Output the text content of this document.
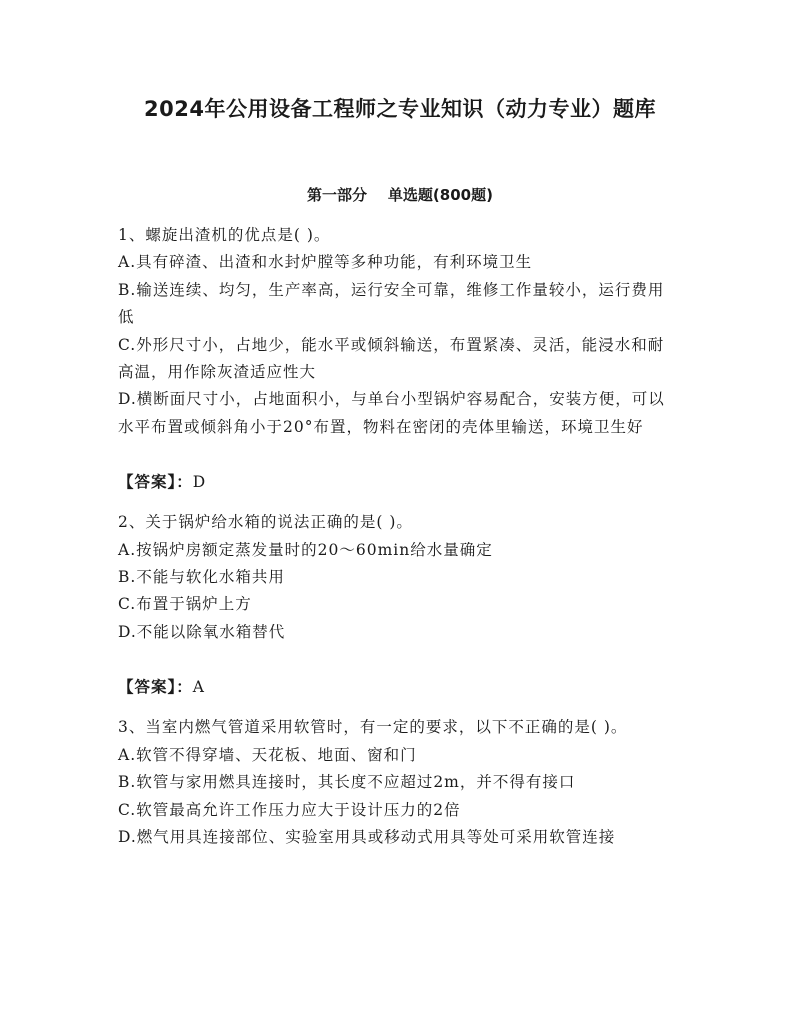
2024年公用设备工程师之专业知识（动力专业）题库
第一部分    单选题(800题)
1、螺旋出渣机的优点是( )。
A.具有碎渣、出渣和水封炉膛等多种功能，有利环境卫生
B.输送连续、均匀，生产率高，运行安全可靠，维修工作量较小，运行费用低
C.外形尺寸小，占地少，能水平或倾斜输送，布置紧凑、灵活，能浸水和耐高温，用作除灰渣适应性大
D.横断面尺寸小，占地面积小，与单台小型锅炉容易配合，安装方便，可以水平布置或倾斜角小于20°布置，物料在密闭的壳体里输送，环境卫生好
【答案】：D
2、关于锅炉给水箱的说法正确的是( )。
A.按锅炉房额定蒸发量时的20～60min给水量确定
B.不能与软化水箱共用
C.布置于锅炉上方
D.不能以除氧水箱替代
【答案】：A
3、当室内燃气管道采用软管时，有一定的要求，以下不正确的是( )。
A.软管不得穿墙、天花板、地面、窗和门
B.软管与家用燃具连接时，其长度不应超过2m，并不得有接口
C.软管最高允许工作压力应大于设计压力的2倍
D.燃气用具连接部位、实验室用具或移动式用具等处可采用软管连接
